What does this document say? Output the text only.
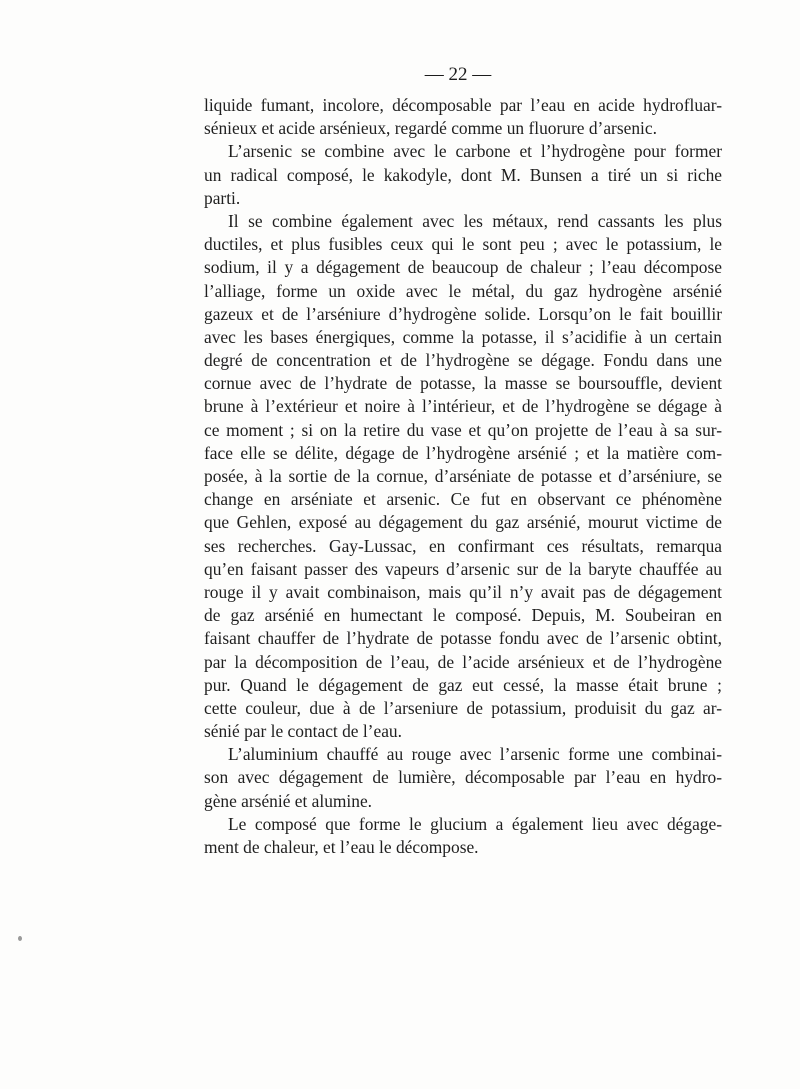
— 22 —
liquide fumant, incolore, décomposable par l’eau en acide hydrofluar-
sénieux et acide arsénieux, regardé comme un fluorure d’arsenic.
L’arsenic se combine avec le carbone et l’hydrogène pour former
un radical composé, le kakodyle, dont M. Bunsen a tiré un si riche
parti.
Il se combine également avec les métaux, rend cassants les plus
ductiles, et plus fusibles ceux qui le sont peu ; avec le potassium, le
sodium, il y a dégagement de beaucoup de chaleur ; l’eau décompose
l’alliage, forme un oxide avec le métal, du gaz hydrogène arsénié
gazeux et de l’arséniure d’hydrogène solide. Lorsqu’on le fait bouillir
avec les bases énergiques, comme la potasse, il s’acidifie à un certain
degré de concentration et de l’hydrogène se dégage. Fondu dans une
cornue avec de l’hydrate de potasse, la masse se boursouffle, devient
brune à l’extérieur et noire à l’intérieur, et de l’hydrogène se dégage à
ce moment ; si on la retire du vase et qu’on projette de l’eau à sa sur-
face elle se délite, dégage de l’hydrogène arsénié ; et la matière com-
posée, à la sortie de la cornue, d’arséniate de potasse et d’arséniure, se
change en arséniate et arsenic. Ce fut en observant ce phénomène
que Gehlen, exposé au dégagement du gaz arsénié, mourut victime de
ses recherches. Gay-Lussac, en confirmant ces résultats, remarqua
qu’en faisant passer des vapeurs d’arsenic sur de la baryte chauffée au
rouge il y avait combinaison, mais qu’il n’y avait pas de dégagement
de gaz arsénié en humectant le composé. Depuis, M. Soubeiran en
faisant chauffer de l’hydrate de potasse fondu avec de l’arsenic obtint,
par la décomposition de l’eau, de l’acide arsénieux et de l’hydrogène
pur. Quand le dégagement de gaz eut cessé, la masse était brune ;
cette couleur, due à de l’arseniure de potassium, produisit du gaz ar-
sénié par le contact de l’eau.
L’aluminium chauffé au rouge avec l’arsenic forme une combinai-
son avec dégagement de lumière, décomposable par l’eau en hydro-
gène arsénié et alumine.
Le composé que forme le glucium a également lieu avec dégage-
ment de chaleur, et l’eau le décompose.
